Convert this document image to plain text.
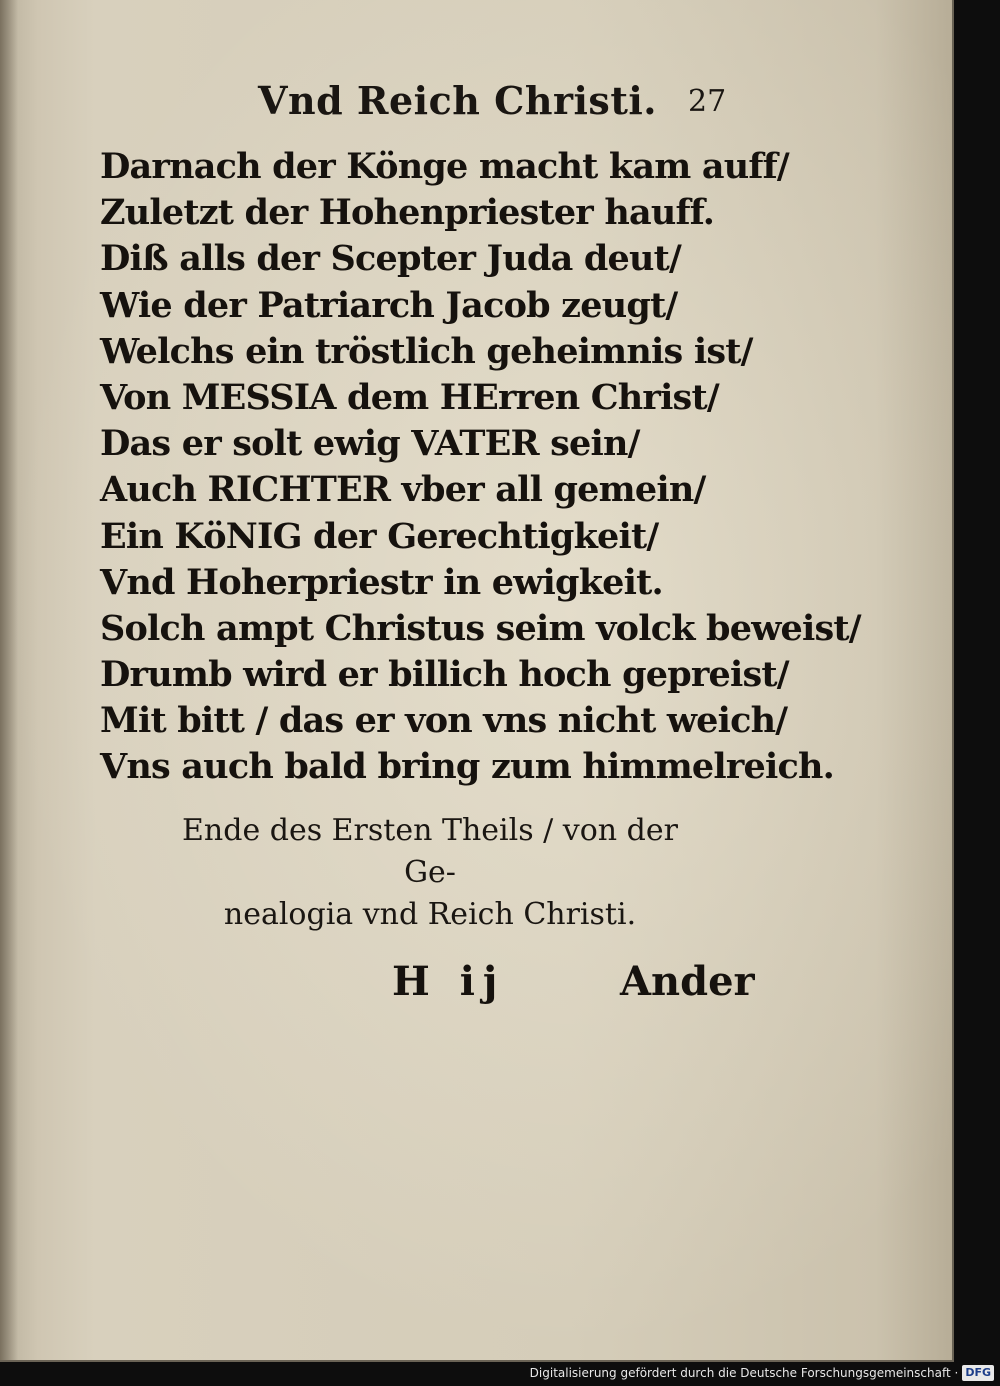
Vnd Reich Christi. 27
Darnach der Könge macht kam auff/
Zuletzt der Hohenpriester hauff.
Diß alls der Scepter Juda deut/
Wie der Patriarch Jacob zeugt/
Welchs ein tröstlich geheimnis ist/
Von MESSIA dem HErren Christ/
Das er solt ewig VATER sein/
Auch RICHTER vber all gemein/
Ein KöNIG der Gerechtigkeit/
Vnd Hoherpriestr in ewigkeit.
Solch ampt Christus seim volck beweist/
Drumb wird er billich hoch gepreist/
Mit bitt / das er von vns nicht weich/
Vns auch bald bring zum himmelreich.
Ende des Ersten Theils / von der Ge-
nealogia vnd Reich Christi.
H ij	Ander
Digitalisierung gefördert durch die Deutsche Forschungsgemeinschaft · DFG
